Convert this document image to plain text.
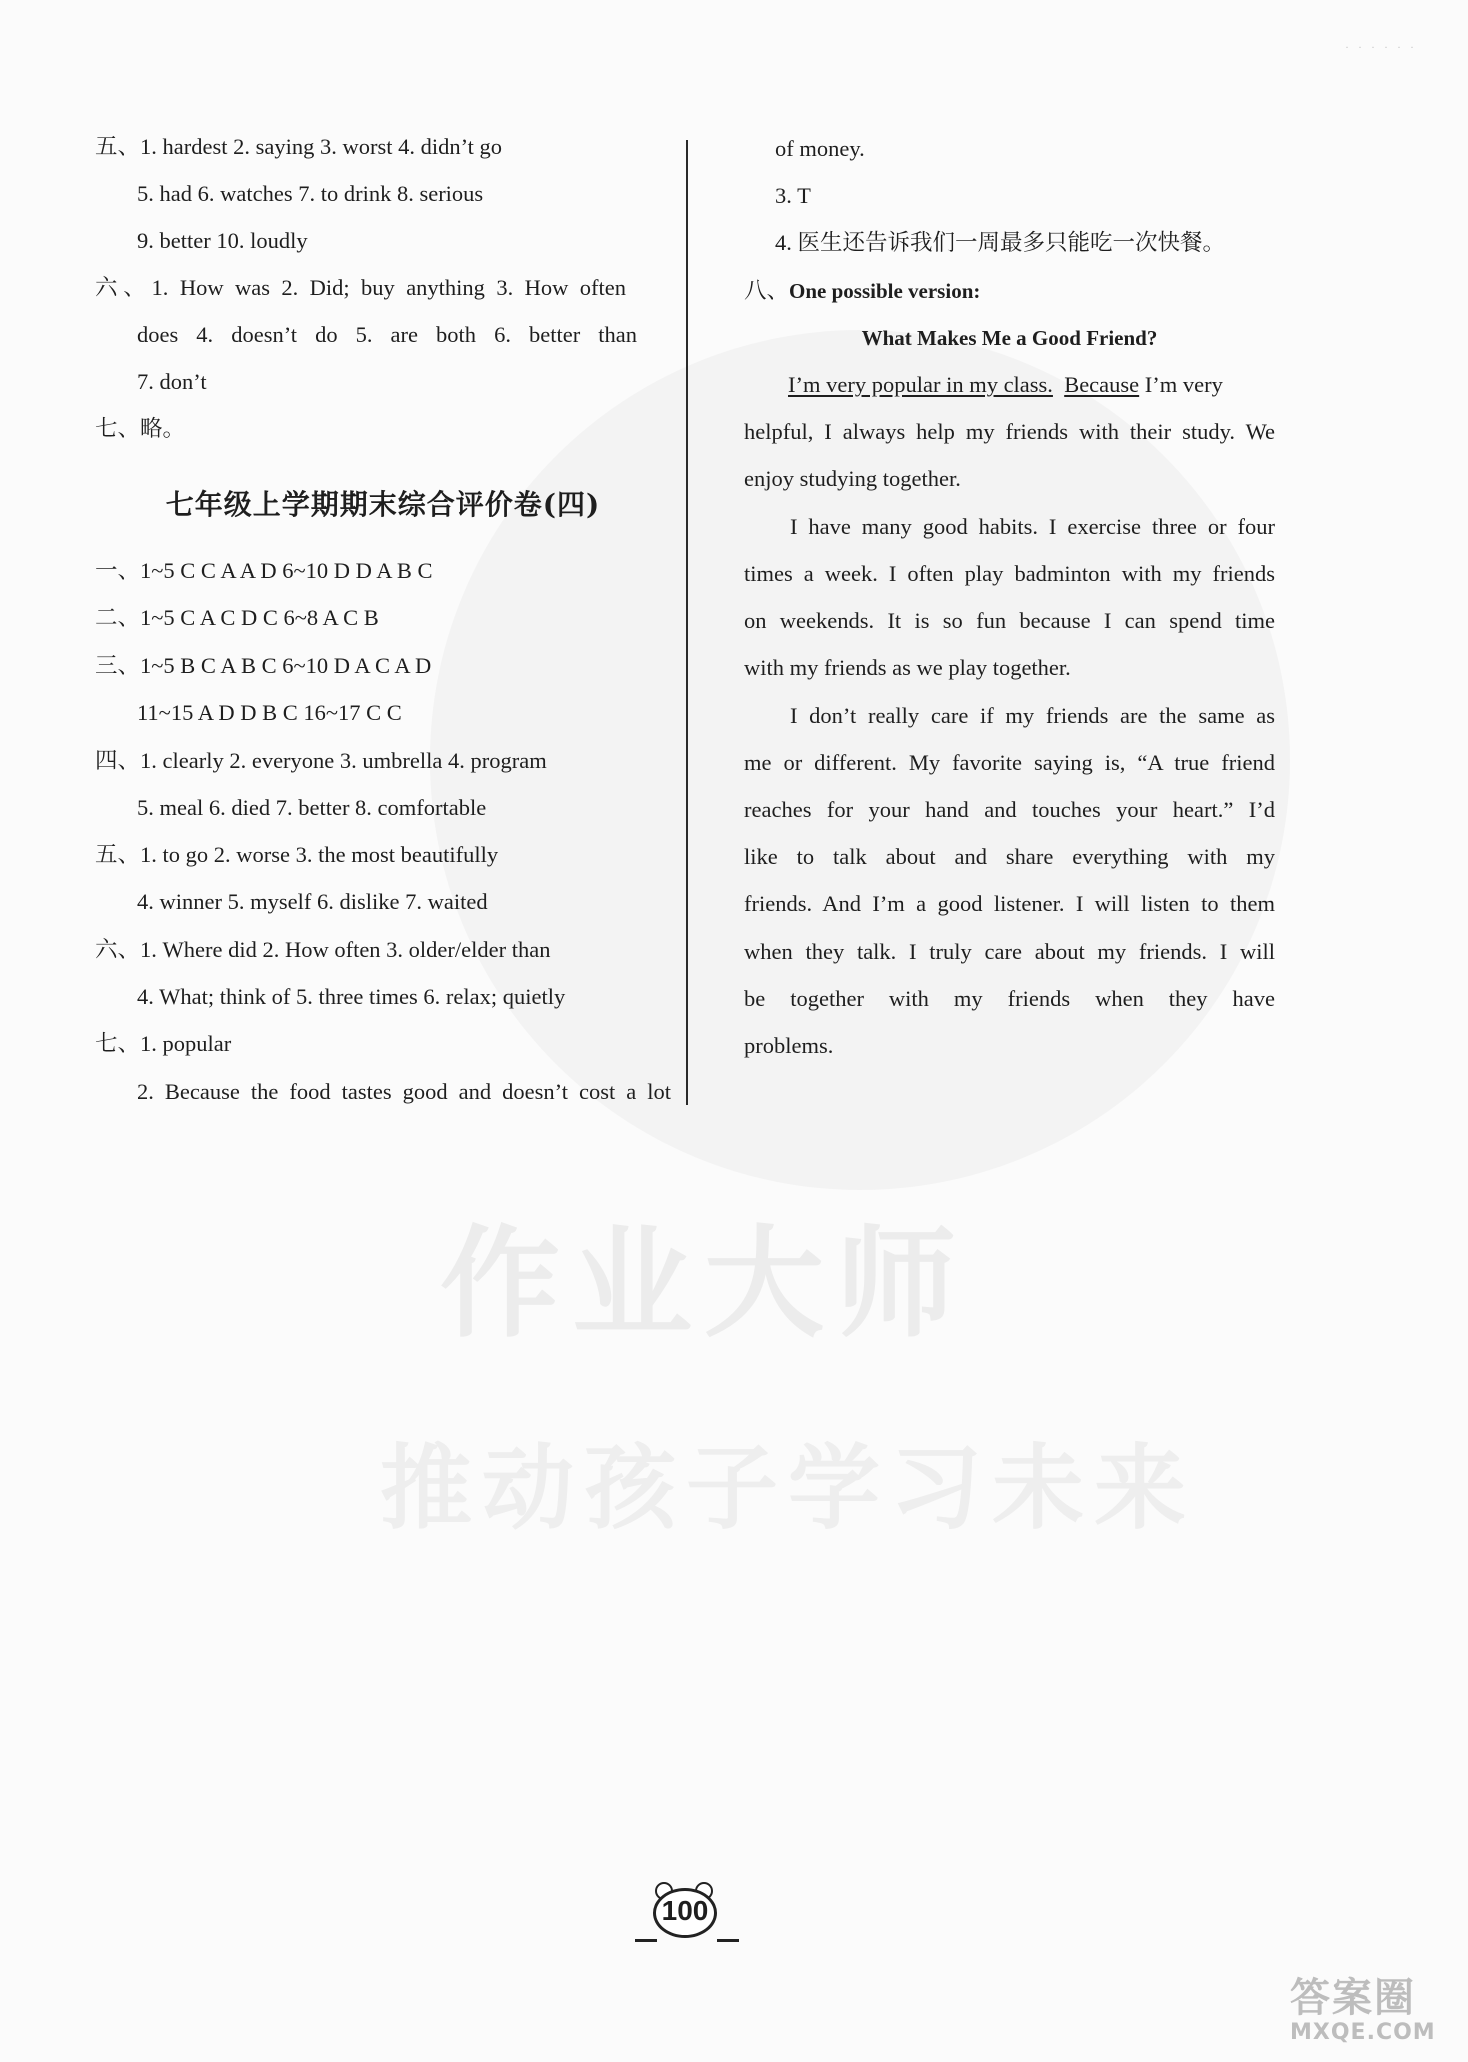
作业大师
推动孩子学习未来
· · · · · ·
五、1. hardest 2. saying 3. worst 4. didn’t go
5. had 6. watches 7. to drink 8. serious
9. better 10. loudly
六、1. How was 2. Did; buy anything 3. How often
does 4. doesn’t do 5. are both 6. better than
7. don’t
七、略。
七年级上学期期末综合评价卷(四)
一、1~5 C C A A D 6~10 D D A B C
二、1~5 C A C D C 6~8 A C B
三、1~5 B C A B C 6~10 D A C A D
11~15 A D D B C 16~17 C C
四、1. clearly 2. everyone 3. umbrella 4. program
5. meal 6. died 7. better 8. comfortable
五、1. to go 2. worse 3. the most beautifully
4. winner 5. myself 6. dislike 7. waited
六、1. Where did 2. How often 3. older/elder than
4. What; think of 5. three times 6. relax; quietly
七、1. popular
2. Because the food tastes good and doesn’t cost a lot
of money.
3. T
4. 医生还告诉我们一周最多只能吃一次快餐。
八、One possible version:
What Makes Me a Good Friend?
I’m very popular in my class. Because I’m very
helpful, I always help my friends with their study. We
enjoy studying together.
I have many good habits. I exercise three or four
times a week. I often play badminton with my friends
on weekends. It is so fun because I can spend time
with my friends as we play together.
I don’t really care if my friends are the same as
me or different. My favorite saying is, “A true friend
reaches for your hand and touches your heart.” I’d
like to talk about and share everything with my
friends. And I’m a good listener. I will listen to them
when they talk. I truly care about my friends. I will
be together with my friends when they have
problems.
100
答案圈
MXQE.COM
